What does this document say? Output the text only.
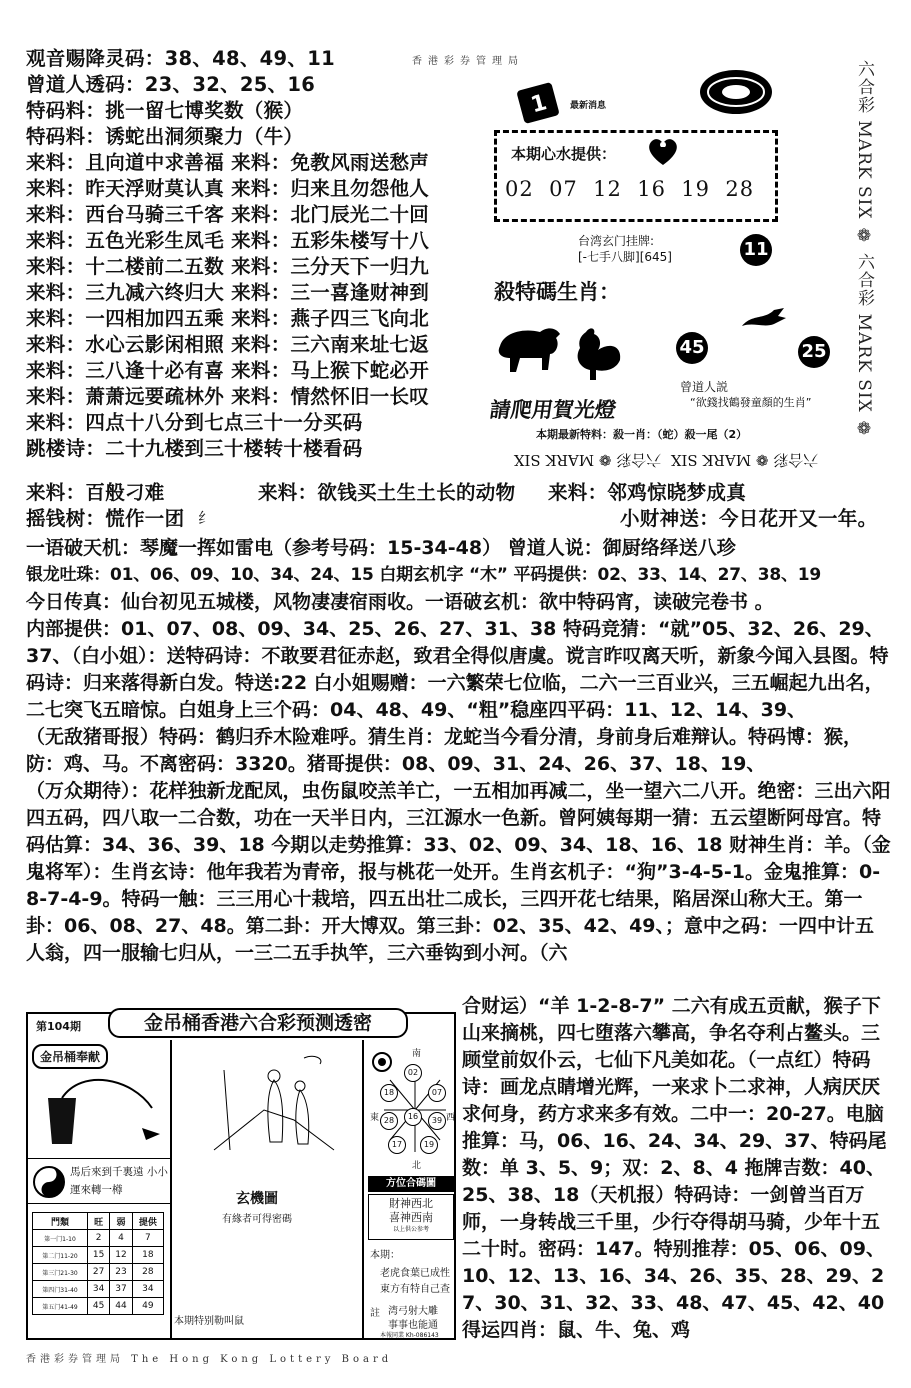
观音赐降灵码：38、48、49、11
曾道人透码：23、32、25、16
特码料：挑一留七博奖数（猴）
特码料：诱蛇出洞须聚力（牛）
来料：且向道中求善福 来料：免教风雨送愁声
来料：昨天浮财莫认真 来料：归来且勿怨他人
来料：西台马骑三千客 来料：北门辰光二十回
来料：五色光彩生凤毛 来料：五彩朱楼写十八
来料：十二楼前二五数 来料：三分天下一归九
来料：三九减六终归大 来料：三一喜逢财神到
来料：一四相加四五乘 来料：燕子四三飞向北
来料：水心云影闲相照 来料：三六南来址七返
来料：三八逢十必有喜 来料：马上猴下蛇必开
来料：萧萧远要疏林外 来料：情然怀旧一长叹
来料：四点十八分到七点三十一分买码
跳楼诗：二十九楼到三十楼转十楼看码
来料：百般刁难	来料：欲钱买土生土长的动物 来料：邻鸡惊晓梦成真
摇钱树：慌作一团 纟	小财神送：今日花开又一年。
香港彩券管理局
1 最新消息
本期心水提供：
02  07  12  16  19  28
台湾玄门挂牌:
[-七手八脚][645]	11
殺特碼生肖：
45	25
曾道人説
“欲錢找鶴發童顏的生肖”
請爬用賀光燈
本期最新特料：殺一肖：（蛇）殺一尾（2）
六合彩 ❁ MARK SIX  六合彩 ❁ MARK SIX
六合彩 MARK SIX ❁ 六合彩 MARK SIX ❁

一语破天机：琴魔一挥如雷电（参考号码：15-34-48） 曾道人说：御厨络绎送八珍

银龙吐珠：01、06、09、10、34、24、15 白期玄机字 “木” 平码提供：02、33、14、27、38、19

今日传真：仙台初见五城楼，风物凄凄宿雨收。一语破玄机：欲中特码宵，读破完卷书 。

内部提供：01、07、08、09、34、25、26、27、31、38 特码竞猜：“就”05、32、26、29、37、（白小姐）：送特码诗：不敢要君征赤赵，致君全得似唐虞。谠言昨叹离天听，新象今闻入县图。特码诗：归来落得新白发。特送:22 白小姐赐赠：一六繁荣七位临，二六一三百业兴，三五崛起九出名，二七突飞五暗惊。白姐身上三个码：04、48、49、“粗”稳座四平码：11、12、14、39、

（无敌猪哥报）特码：鹤归乔木险难呼。猜生肖：龙蛇当今看分清，身前身后难辩认。特码博：猴，防：鸡、马。不离密码：3320。猪哥提供：08、09、31、24、26、37、18、19、

（万众期待）：花样独新龙配凤，虫伤鼠咬羔羊亡，一五相加再减二，坐一望六二八开。绝密：三出六阳四五码，四八取一二合数，功在一天半日内，三江源水一色新。曾阿姨每期一猜：五云望断阿母宫。特码估算：34、36、39、18 今期以走势推算：33、02、09、34、18、16、18 财神生肖：羊。（金鬼将军）：生肖玄诗：他年我若为青帝，报与桃花一处开。生肖玄机子：“狗”3-4-5-1。金鬼推算：0-8-7-4-9。特码一触：三三用心十栽培，四五出壮二成长，三四开花七结果，陷居深山称大王。第一卦：06、08、27、48。第二卦：开大博双。第三卦：02、35、42、49、；意中之码：一四中计五人翁，四一服输七归从，一三二五手执竿，三六垂钩到小河。（六

合财运）“羊 1-2-8-7” 二六有成五贡献，猴子下山来摘桃，四七堕落六攀高，争名夺利占鳌头。三顾堂前奴仆云，七仙下凡美如花。（一点红）特码诗：画龙点睛增光辉，一来求卜二求神，人病厌厌求何身，药方求来多有效。二中一：20-27。电脑推算：马，06、16、24、34、29、37、特码尾数：单 3、5、9；双：2、8、4 拖牌吉数：40、25、38、18（天机报）特码诗：一剑曾当百万师，一身转战三千里，少行夺得胡马骑，少年十五二十时。密码：147。特别推荐：05、06、09、10、12、13、16、34、26、35、28、29、27、30、31、32、33、48、47、45、42、40 得运四肖：鼠、牛、兔、鸡
第104期	金吊桶香港六合彩预测透密
金吊桶奉献
馬后來到千裏遠 小小運來轉一樽
門類	旺	弱	提供
第一门1-10	2	4	7
第二门11-20	15	12	18
第三门21-30	27	23	28
第四门31-40	34	37	34
第五门41-49	45	44	49
玄機圖
有緣者可得密碼
本期特别勒叫鼠
南
東	西
北
02
18	07
28	16	39
17	19
方位合碼圖
財神西北
喜神西南
以上供公参考
本期：
老虎食葉已成性
東方有特自己查
註 湾弓射大雕
事事也能通
本報同業 Kh-086143
香港彩券管理局 The Hong Kong Lottery Board
